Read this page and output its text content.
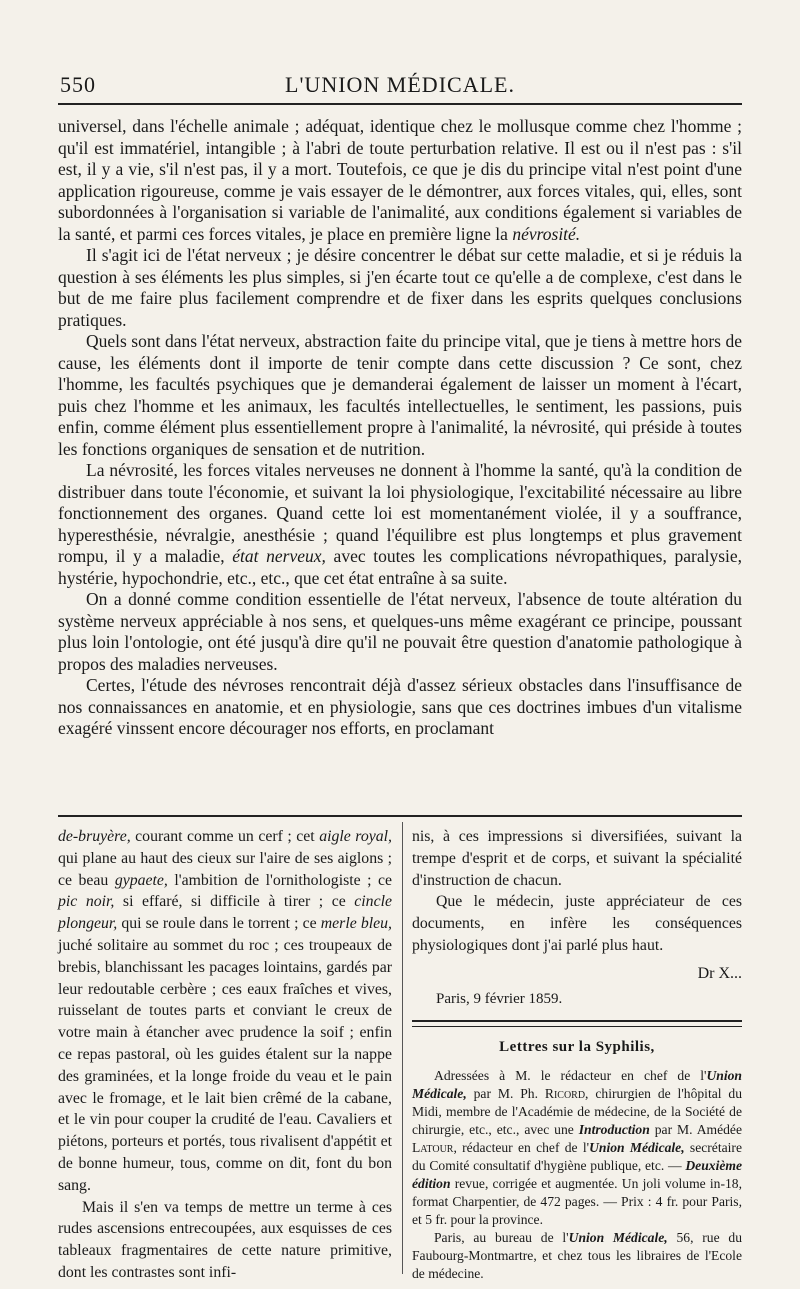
550	L'UNION MÉDICALE.

universel, dans l'échelle animale ; adéquat, identique chez le mollusque comme chez l'homme ; qu'il est immatériel, intangible ; à l'abri de toute perturbation relative. Il est ou il n'est pas : s'il est, il y a vie, s'il n'est pas, il y a mort. Toutefois, ce que je dis du principe vital n'est point d'une application rigoureuse, comme je vais essayer de le démontrer, aux forces vitales, qui, elles, sont subordonnées à l'organisation si variable de l'animalité, aux conditions également si variables de la santé, et parmi ces forces vitales, je place en première ligne la névrosité.

Il s'agit ici de l'état nerveux ; je désire concentrer le débat sur cette maladie, et si je réduis la question à ses éléments les plus simples, si j'en écarte tout ce qu'elle a de complexe, c'est dans le but de me faire plus facilement comprendre et de fixer dans les esprits quelques conclusions pratiques.

Quels sont dans l'état nerveux, abstraction faite du principe vital, que je tiens à mettre hors de cause, les éléments dont il importe de tenir compte dans cette discussion ? Ce sont, chez l'homme, les facultés psychiques que je demanderai également de laisser un moment à l'écart, puis chez l'homme et les animaux, les facultés intellectuelles, le sentiment, les passions, puis enfin, comme élément plus essentiellement propre à l'animalité, la névrosité, qui préside à toutes les fonctions organiques de sensation et de nutrition.

La névrosité, les forces vitales nerveuses ne donnent à l'homme la santé, qu'à la condition de distribuer dans toute l'économie, et suivant la loi physiologique, l'excitabilité nécessaire au libre fonctionnement des organes. Quand cette loi est momentanément violée, il y a souffrance, hyperesthésie, névralgie, anesthésie ; quand l'équilibre est plus longtemps et plus gravement rompu, il y a maladie, état nerveux, avec toutes les complications névropathiques, paralysie, hystérie, hypochondrie, etc., etc., que cet état entraîne à sa suite.

On a donné comme condition essentielle de l'état nerveux, l'absence de toute altération du système nerveux appréciable à nos sens, et quelques-uns même exagérant ce principe, poussant plus loin l'ontologie, ont été jusqu'à dire qu'il ne pouvait être question d'anatomie pathologique à propos des maladies nerveuses.

Certes, l'étude des névroses rencontrait déjà d'assez sérieux obstacles dans l'insuffisance de nos connaissances en anatomie, et en physiologie, sans que ces doctrines imbues d'un vitalisme exagéré vinssent encore décourager nos efforts, en proclamant

de-bruyère, courant comme un cerf ; cet aigle royal, qui plane au haut des cieux sur l'aire de ses aiglons ; ce beau gypaete, l'ambition de l'ornithologiste ; ce pic noir, si effaré, si difficile à tirer ; ce cincle plongeur, qui se roule dans le torrent ; ce merle bleu, juché solitaire au sommet du roc ; ces troupeaux de brebis, blanchissant les pacages lointains, gardés par leur redoutable cerbère ; ces eaux fraîches et vives, ruisselant de toutes parts et conviant le creux de votre main à étancher avec prudence la soif ; enfin ce repas pastoral, où les guides étalent sur la nappe des graminées, et la longe froide du veau et le pain avec le fromage, et le lait bien crêmé de la cabane, et le vin pour couper la crudité de l'eau. Cavaliers et piétons, porteurs et portés, tous rivalisent d'appétit et de bonne humeur, tous, comme on dit, font du bon sang.

Mais il s'en va temps de mettre un terme à ces rudes ascensions entrecoupées, aux esquisses de ces tableaux fragmentaires de cette nature primitive, dont les contrastes sont infi-

nis, à ces impressions si diversifiées, suivant la trempe d'esprit et de corps, et suivant la spécialité d'instruction de chacun.

Que le médecin, juste appréciateur de ces documents, en infère les conséquences physiologiques dont j'ai parlé plus haut.

Dr X...
Paris, 9 février 1859.
Lettres sur la Syphilis,

Adressées à M. le rédacteur en chef de l'Union Médicale, par M. Ph. Ricord, chirurgien de l'hôpital du Midi, membre de l'Académie de médecine, de la Société de chirurgie, etc., etc., avec une Introduction par M. Amédée Latour, rédacteur en chef de l'Union Médicale, secrétaire du Comité consultatif d'hygiène publique, etc. — Deuxième édition revue, corrigée et augmentée. Un joli volume in-18, format Charpentier, de 472 pages. — Prix : 4 fr. pour Paris, et 5 fr. pour la province.

Paris, au bureau de l'Union Médicale, 56, rue du Faubourg-Montmartre, et chez tous les libraires de l'Ecole de médecine.
